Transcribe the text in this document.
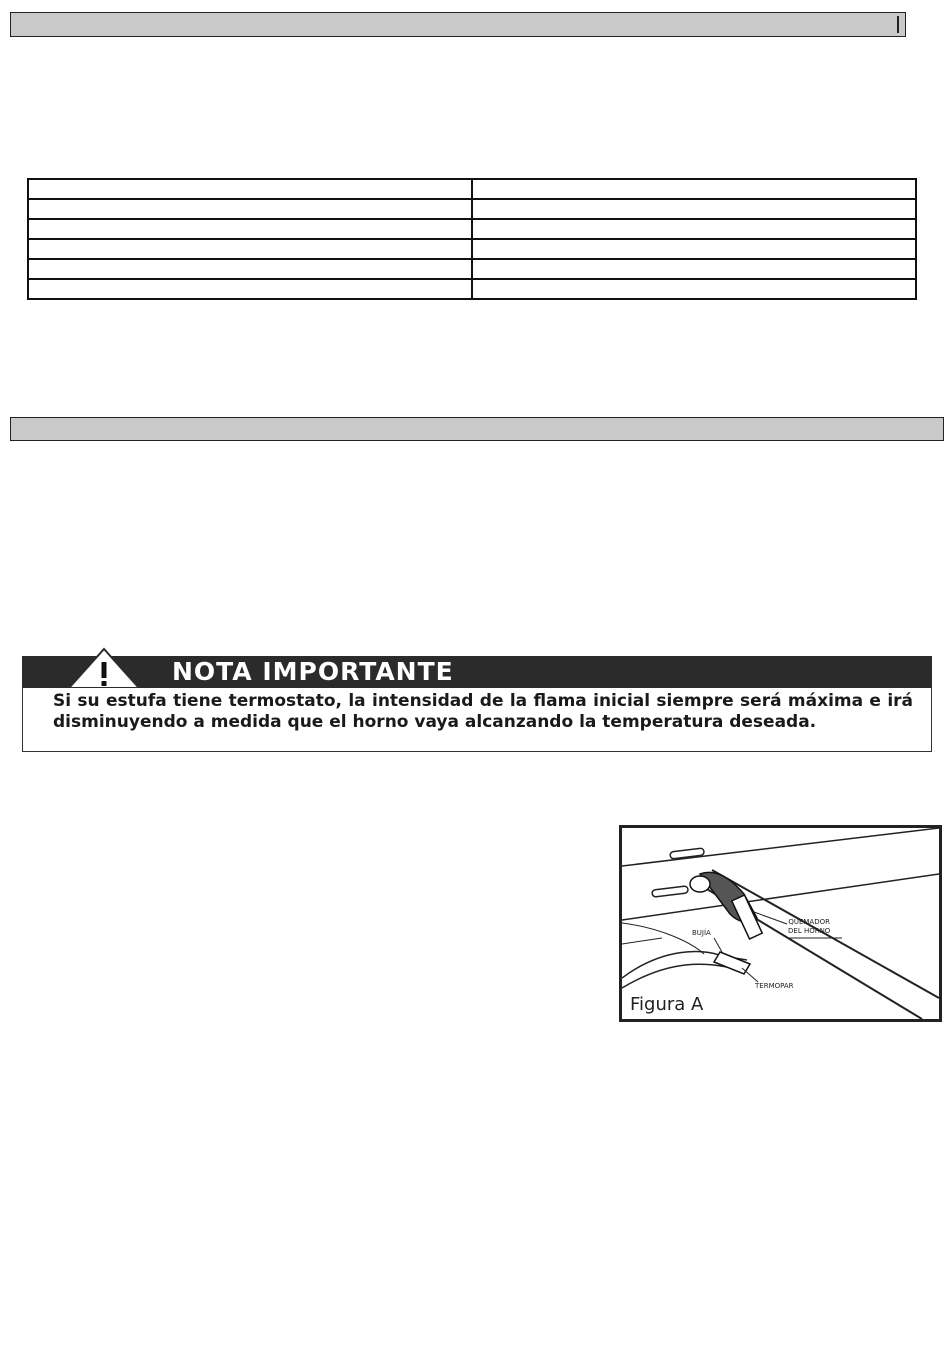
NOTA IMPORTANTE
Si su estufa tiene termostato, la intensidad de la flama inicial siempre será máxima e irá disminuyendo a medida que el horno vaya alcanzando la temperatura deseada.
QUEMADOR
DEL HORNO
BUJÍA
TERMOPAR
Figura A
